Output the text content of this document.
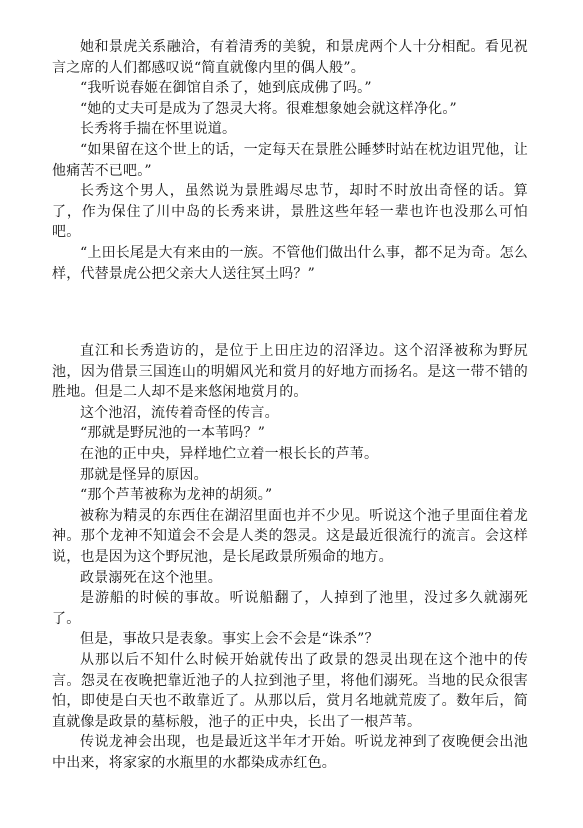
她和景虎关系融洽，有着清秀的美貌，和景虎两个人十分相配。看见祝言之席的人们都感叹说“简直就像内里的偶人般”。

“我听说春姬在御馆自杀了，她到底成佛了吗。”

“她的丈夫可是成为了怨灵大将。很难想象她会就这样净化。”

长秀将手揣在怀里说道。

“如果留在这个世上的话，一定每天在景胜公睡梦时站在枕边诅咒他，让他痛苦不已吧。”

长秀这个男人，虽然说为景胜竭尽忠节，却时不时放出奇怪的话。算了，作为保住了川中岛的长秀来讲，景胜这些年轻一辈也许也没那么可怕吧。

“上田长尾是大有来由的一族。不管他们做出什么事，都不足为奇。怎么样，代替景虎公把父亲大人送往冥土吗？”

直江和长秀造访的，是位于上田庄边的沼泽边。这个沼泽被称为野尻池，因为借景三国连山的明媚风光和赏月的好地方而扬名。是这一带不错的胜地。但是二人却不是来悠闲地赏月的。

这个池沼，流传着奇怪的传言。

“那就是野尻池的一本苇吗？”

在池的正中央，异样地伫立着一根长长的芦苇。

那就是怪异的原因。

“那个芦苇被称为龙神的胡须。”

被称为精灵的东西住在湖沼里面也并不少见。听说这个池子里面住着龙神。那个龙神不知道会不会是人类的怨灵。这是最近很流行的流言。会这样说，也是因为这个野尻池，是长尾政景所殒命的地方。

政景溺死在这个池里。

是游船的时候的事故。听说船翻了，人掉到了池里，没过多久就溺死了。

但是，事故只是表象。事实上会不会是“诛杀”？

从那以后不知什么时候开始就传出了政景的怨灵出现在这个池中的传言。怨灵在夜晚把靠近池子的人拉到池子里，将他们溺死。当地的民众很害怕，即使是白天也不敢靠近了。从那以后，赏月名地就荒废了。数年后，简直就像是政景的墓标般，池子的正中央，长出了一根芦苇。

传说龙神会出现，也是最近这半年才开始。听说龙神到了夜晚便会出池中出来，将家家的水瓶里的水都染成赤红色。
